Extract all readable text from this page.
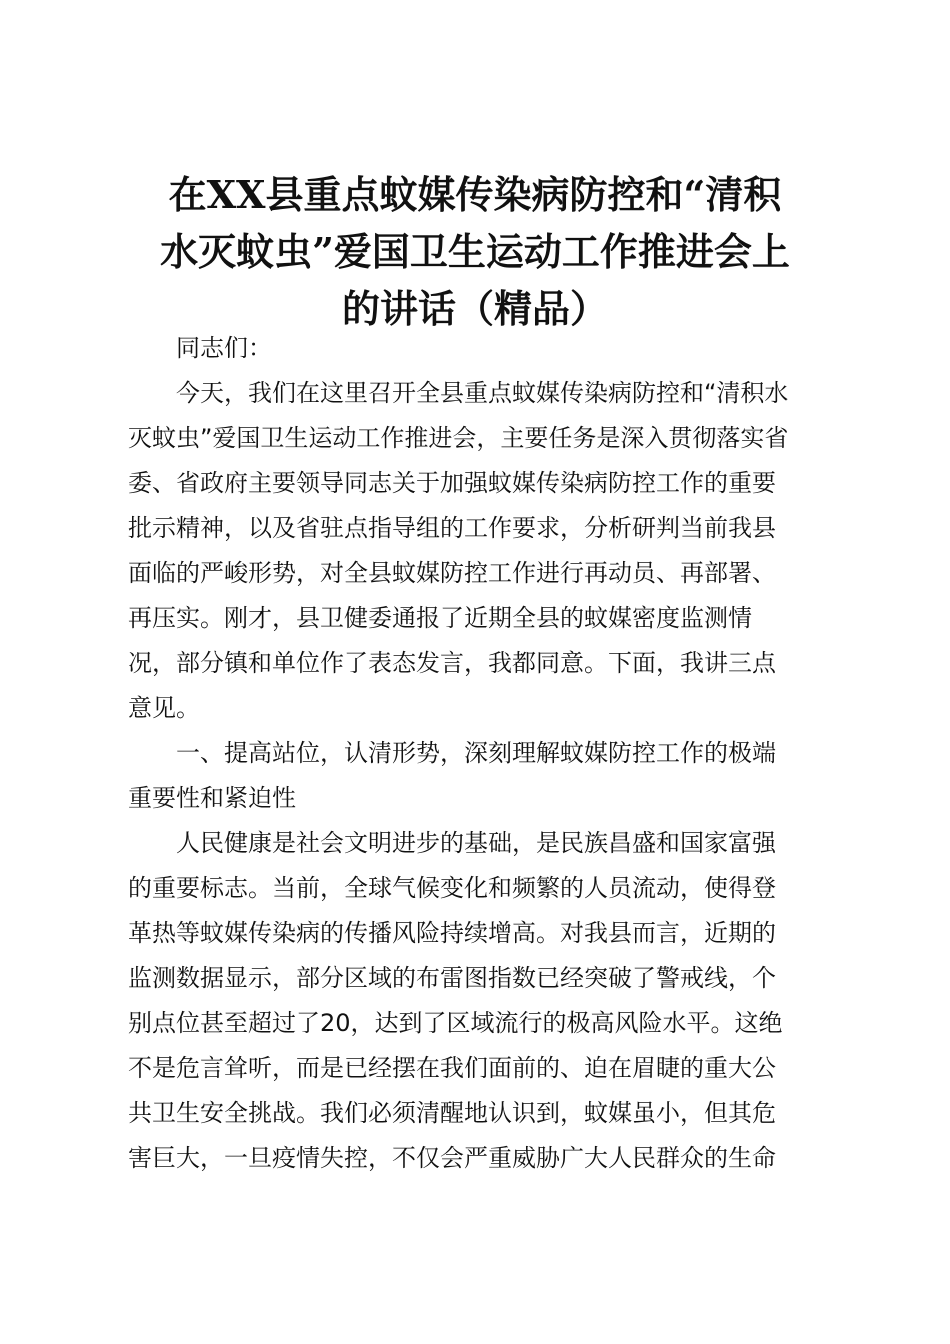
在XX县重点蚊媒传染病防控和“清积
水灭蚊虫”爱国卫生运动工作推进会上
的讲话（精品）
同志们：
今天，我们在这里召开全县重点蚊媒传染病防控和“清积水
灭蚊虫”爱国卫生运动工作推进会，主要任务是深入贯彻落实省
委、省政府主要领导同志关于加强蚊媒传染病防控工作的重要
批示精神，以及省驻点指导组的工作要求，分析研判当前我县
面临的严峻形势，对全县蚊媒防控工作进行再动员、再部署、
再压实。刚才，县卫健委通报了近期全县的蚊媒密度监测情
况，部分镇和单位作了表态发言，我都同意。下面，我讲三点
意见。
一、提高站位，认清形势，深刻理解蚊媒防控工作的极端
重要性和紧迫性
人民健康是社会文明进步的基础，是民族昌盛和国家富强
的重要标志。当前，全球气候变化和频繁的人员流动，使得登
革热等蚊媒传染病的传播风险持续增高。对我县而言，近期的
监测数据显示，部分区域的布雷图指数已经突破了警戒线，个
别点位甚至超过了20，达到了区域流行的极高风险水平。这绝
不是危言耸听，而是已经摆在我们面前的、迫在眉睫的重大公
共卫生安全挑战。我们必须清醒地认识到，蚊媒虽小，但其危
害巨大，一旦疫情失控，不仅会严重威胁广大人民群众的生命
